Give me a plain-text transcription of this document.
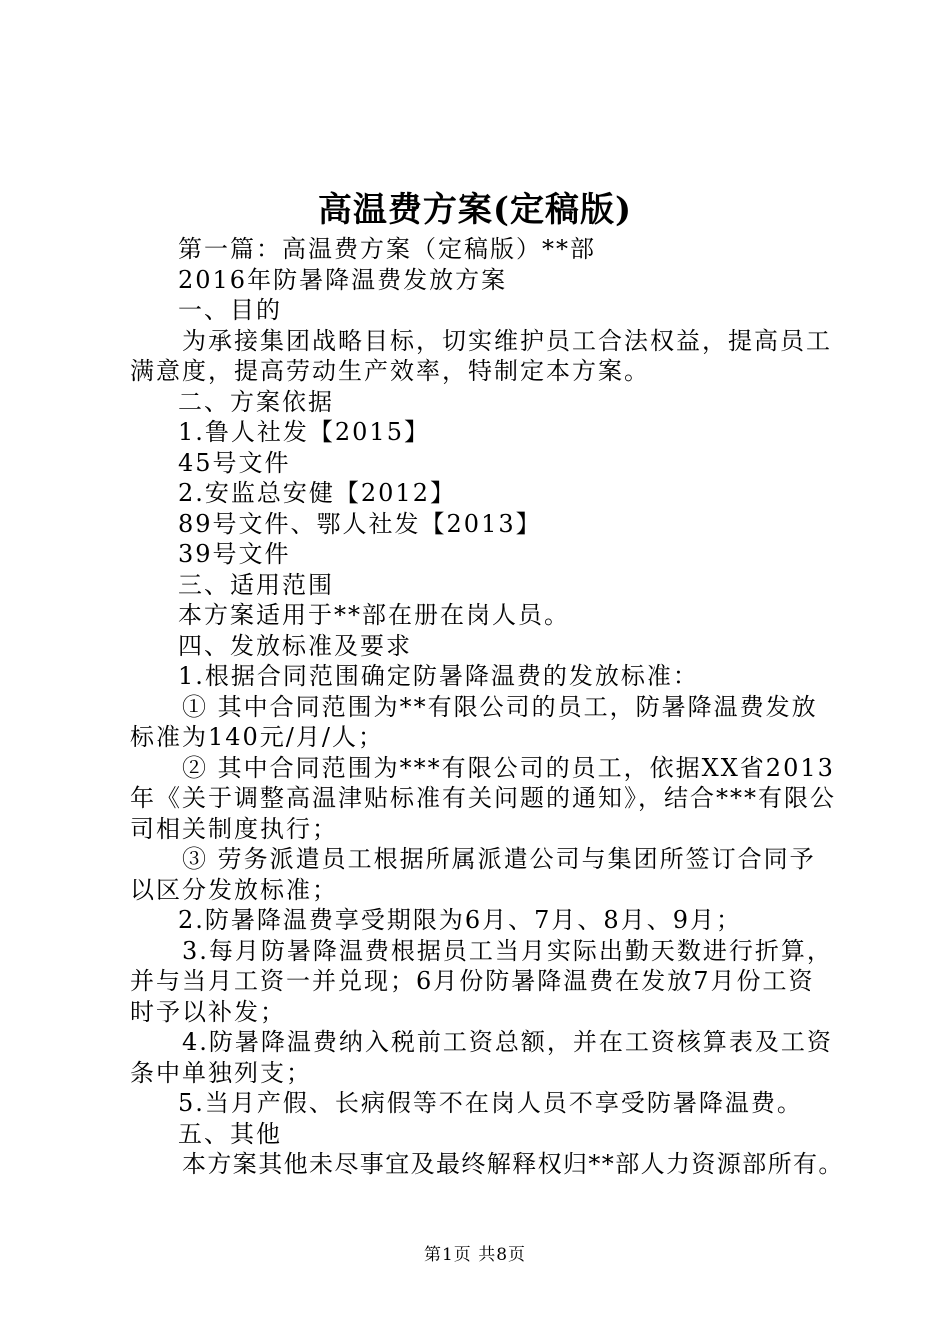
高温费方案(定稿版)

第一篇：高温费方案（定稿版）**部

2016年防暑降温费发放方案

一、目的

为承接集团战略目标，切实维护员工合法权益，提高员工满意度，提高劳动生产效率，特制定本方案。

二、方案依据

1.鲁人社发【2015】

45号文件

2.安监总安健【2012】

89号文件、鄂人社发【2013】

39号文件

三、适用范围

本方案适用于**部在册在岗人员。

四、发放标准及要求

1.根据合同范围确定防暑降温费的发放标准：

① 其中合同范围为**有限公司的员工，防暑降温费发放标准为140元/月/人；

② 其中合同范围为***有限公司的员工，依据XX省2013年《关于调整高温津贴标准有关问题的通知》，结合***有限公司相关制度执行；

③ 劳务派遣员工根据所属派遣公司与集团所签订合同予以区分发放标准；

2.防暑降温费享受期限为6月、7月、8月、9月；

3.每月防暑降温费根据员工当月实际出勤天数进行折算，并与当月工资一并兑现；6月份防暑降温费在发放7月份工资时予以补发；

4.防暑降温费纳入税前工资总额，并在工资核算表及工资条中单独列支；

5.当月产假、长病假等不在岗人员不享受防暑降温费。

五、其他

本方案其他未尽事宜及最终解释权归**部人力资源部所有。

第1页 共8页
